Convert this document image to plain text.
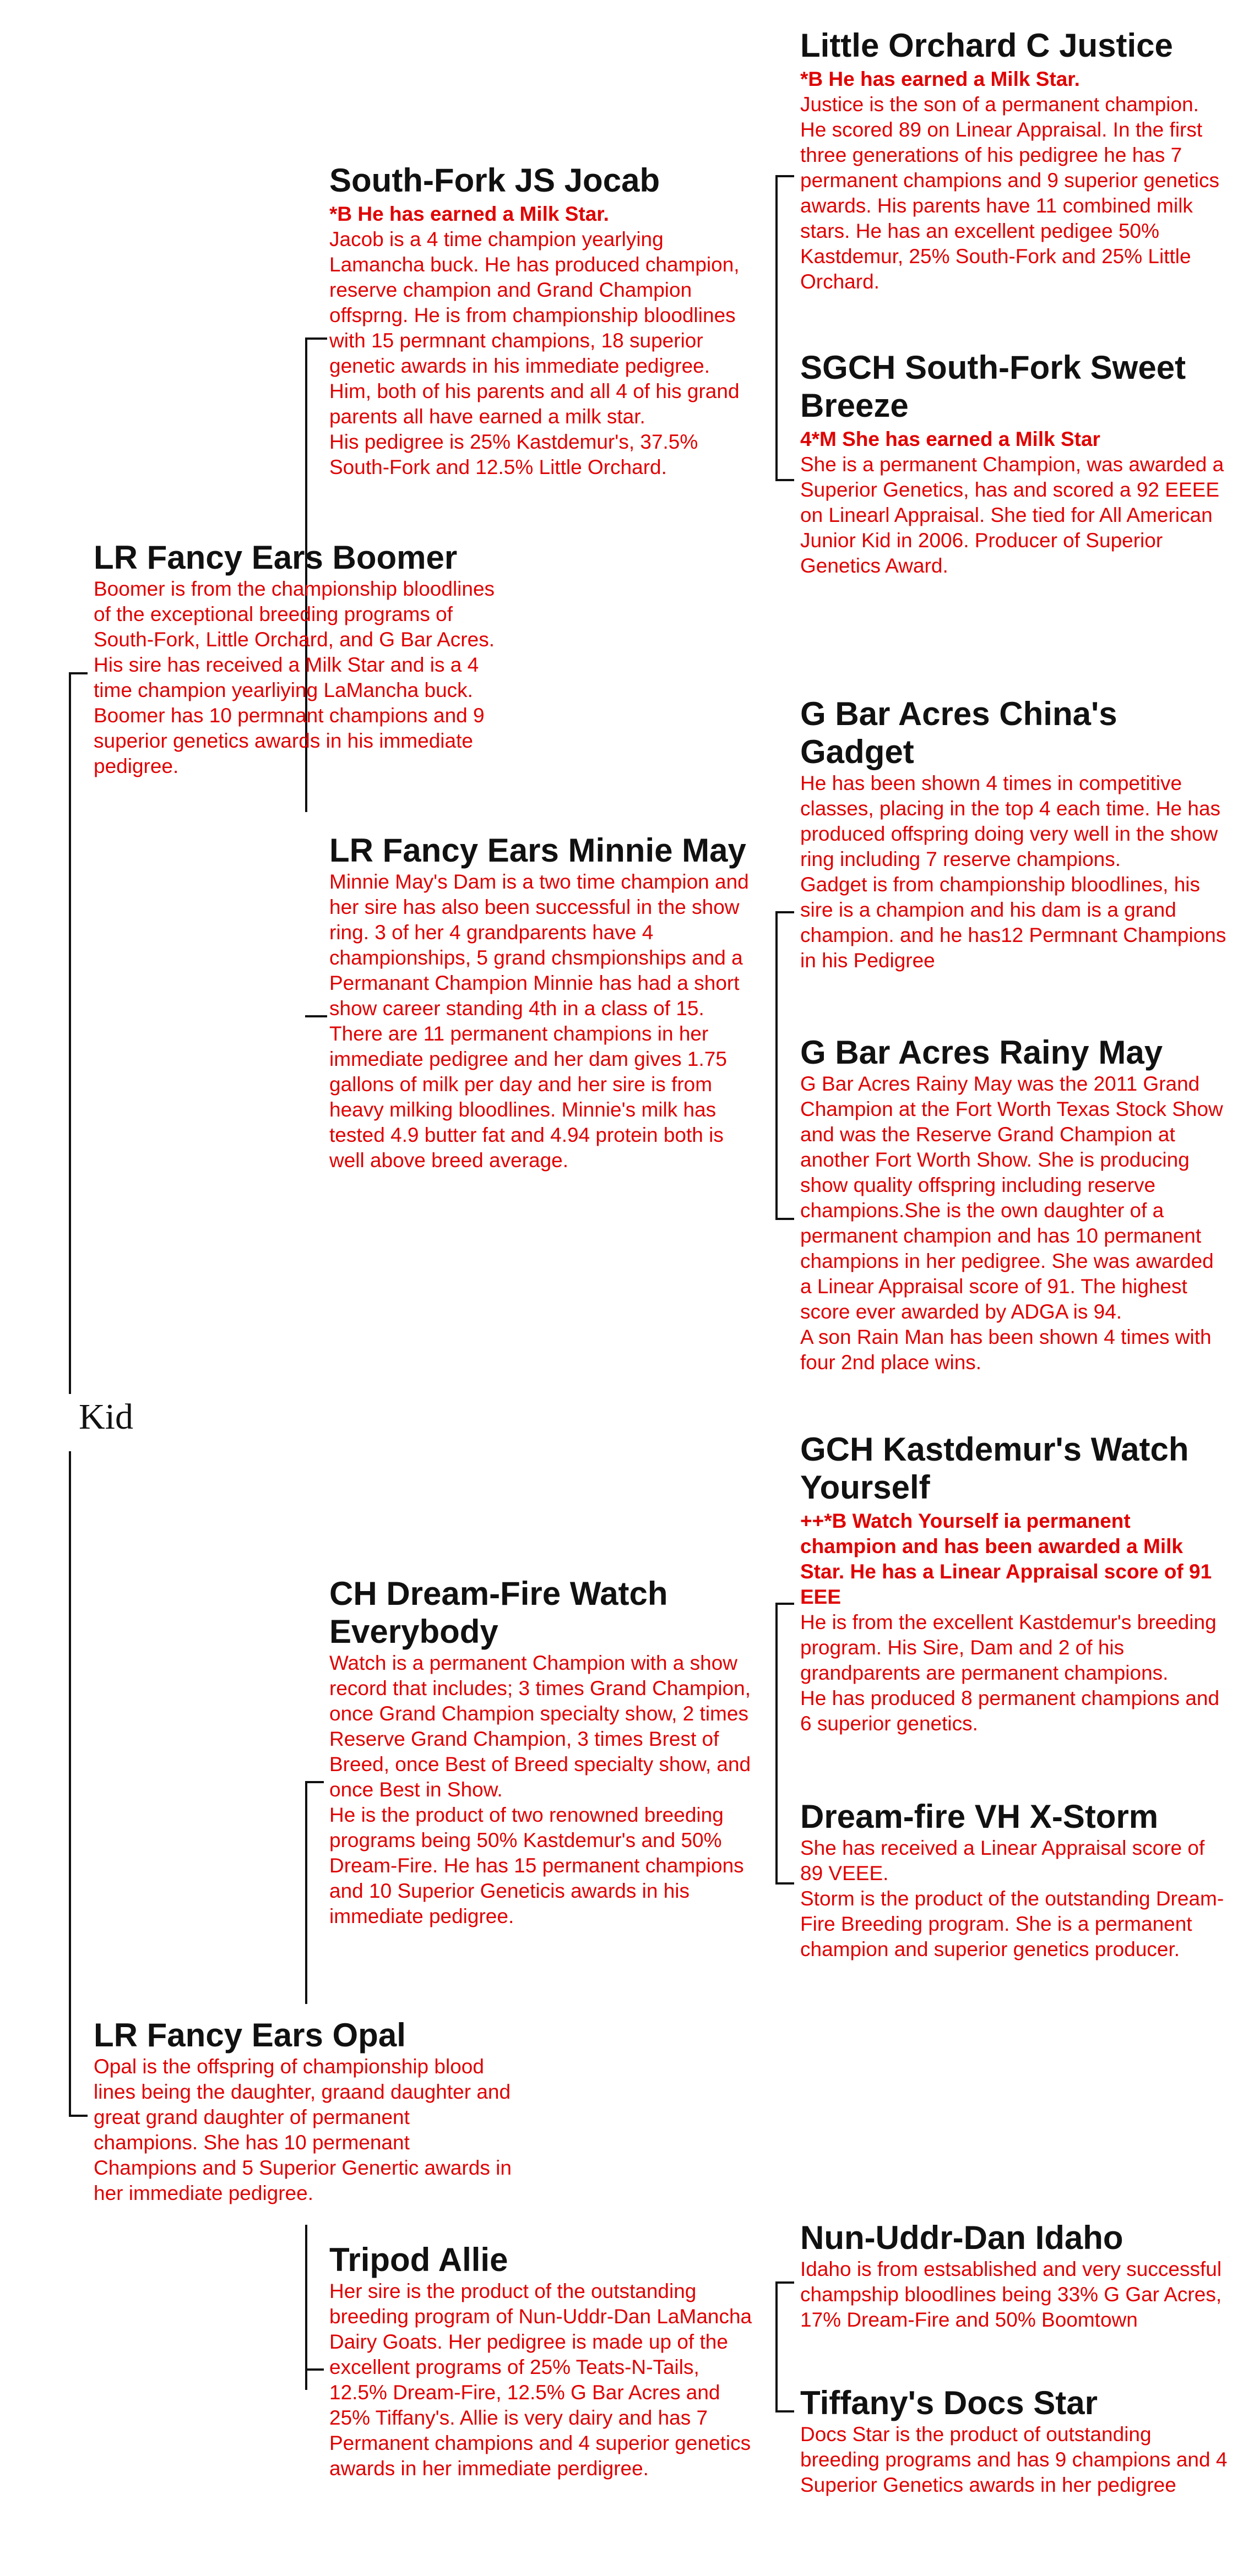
Kid
LR Fancy Ears Boomer

Boomer is from the championship bloodlines of the exceptional breeding programs of South-Fork, Little Orchard, and G Bar Acres. His sire has received a Milk Star and is a 4 time champion yearliying LaMancha buck. Boomer has 10 permnant champions and 9 superior genetics awards in his immediate pedigree.

LR Fancy Ears Opal

Opal is the offspring of championship blood lines being the daughter, graand daughter and great grand daughter of permanent champions. She has 10 permenant Champions and 5 Superior Genertic awards in her immediate pedigree.

South-Fork JS Jocab

*B He has earned a Milk Star.

Jacob is a 4 time champion yearlying Lamancha buck. He has produced champion, reserve champion and Grand Champion offsprng. He is from championship bloodlines with 15 permnant champions, 18 superior genetic awards in his immediate pedigree. Him, both of his parents and all 4 of his grand parents all have earned a milk star.

His pedigree is 25% Kastdemur's, 37.5% South-Fork and 12.5% Little Orchard.

LR Fancy Ears Minnie May

Minnie May's Dam is a two time champion and her sire has also been successful in the show ring. 3 of her 4 grandparents have 4 championships, 5 grand chsmpionships and a Permanant Champion Minnie has had a short show career standing 4th in a class of 15. There are 11 permanent champions in her immediate pedigree and her dam gives 1.75 gallons of milk per day and her sire is from heavy milking bloodlines. Minnie's milk has tested 4.9 butter fat and 4.94 protein both is well above breed average.

CH Dream-Fire Watch Everybody

Watch is a permanent Champion with a show record that includes; 3 times Grand Champion, once Grand Champion specialty show, 2 times Reserve Grand Champion, 3 times Brest of Breed, once Best of Breed specialty show, and once Best in Show.

He is the product of two renowned breeding programs being 50% Kastdemur's and 50% Dream-Fire. He has 15 permanent champions and 10 Superior Geneticis awards in his immediate pedigree.

Tripod Allie

Her sire is the product of the outstanding breeding program of Nun-Uddr-Dan LaMancha Dairy Goats. Her pedigree is made up of the excellent programs of 25% Teats-N-Tails, 12.5% Dream-Fire, 12.5% G Bar Acres and 25% Tiffany's. Allie is very dairy and has 7 Permanent champions and 4 superior genetics awards in her immediate perdigree.

Little Orchard C Justice

*B He has earned a Milk Star.

Justice is the son of a permanent champion. He scored 89 on Linear Appraisal. In the first three generations of his pedigree he has 7 permanent champions and 9 superior genetics awards. His parents have 11 combined milk stars. He has an excellent pedigee 50% Kastdemur, 25% South-Fork and 25% Little Orchard.

SGCH South-Fork Sweet Breeze

4*M She has earned a Milk Star

She is a permanent Champion, was awarded a Superior Genetics, has and scored a 92 EEEE on Linearl Appraisal. She tied for All American Junior Kid in 2006. Producer of Superior Genetics Award.

G Bar Acres China's Gadget

He has been shown 4 times in competitive classes, placing in the top 4 each time. He has produced offspring doing very well in the show ring including 7 reserve champions.

Gadget is from championship bloodlines, his sire is a champion and his dam is a grand champion. and he has12 Permnant Champions in his Pedigree

G Bar Acres Rainy May

G Bar Acres Rainy May was the 2011 Grand Champion at the Fort Worth Texas Stock Show and was the Reserve Grand Champion at another Fort Worth Show. She is producing show quality offspring including reserve champions.She is the own daughter of a permanent champion and has 10 permanent champions in her pedigree. She was awarded a Linear Appraisal score of 91. The highest score ever awarded by ADGA is 94.

A son Rain Man has been shown 4 times with four 2nd place wins.

GCH Kastdemur's Watch Yourself

++*B Watch Yourself ia permanent champion and has been awarded a Milk Star. He has a Linear Appraisal score of 91 EEE

He is from the excellent Kastdemur's breeding program. His Sire, Dam and 2 of his grandparents are permanent champions.

He has produced 8 permanent champions and 6 superior genetics.

Dream-fire VH X-Storm

She has received a Linear Appraisal score of 89 VEEE.

Storm is the product of the outstanding Dream-Fire Breeding program. She is a permanent champion and superior genetics producer.

Nun-Uddr-Dan Idaho

Idaho is from estsablished and very successful champship bloodlines being 33% G Gar Acres, 17% Dream-Fire and 50% Boomtown

Tiffany's Docs Star

Docs Star is the product of outstanding breeding programs and has 9 champions and 4 Superior Genetics awards in her pedigree
